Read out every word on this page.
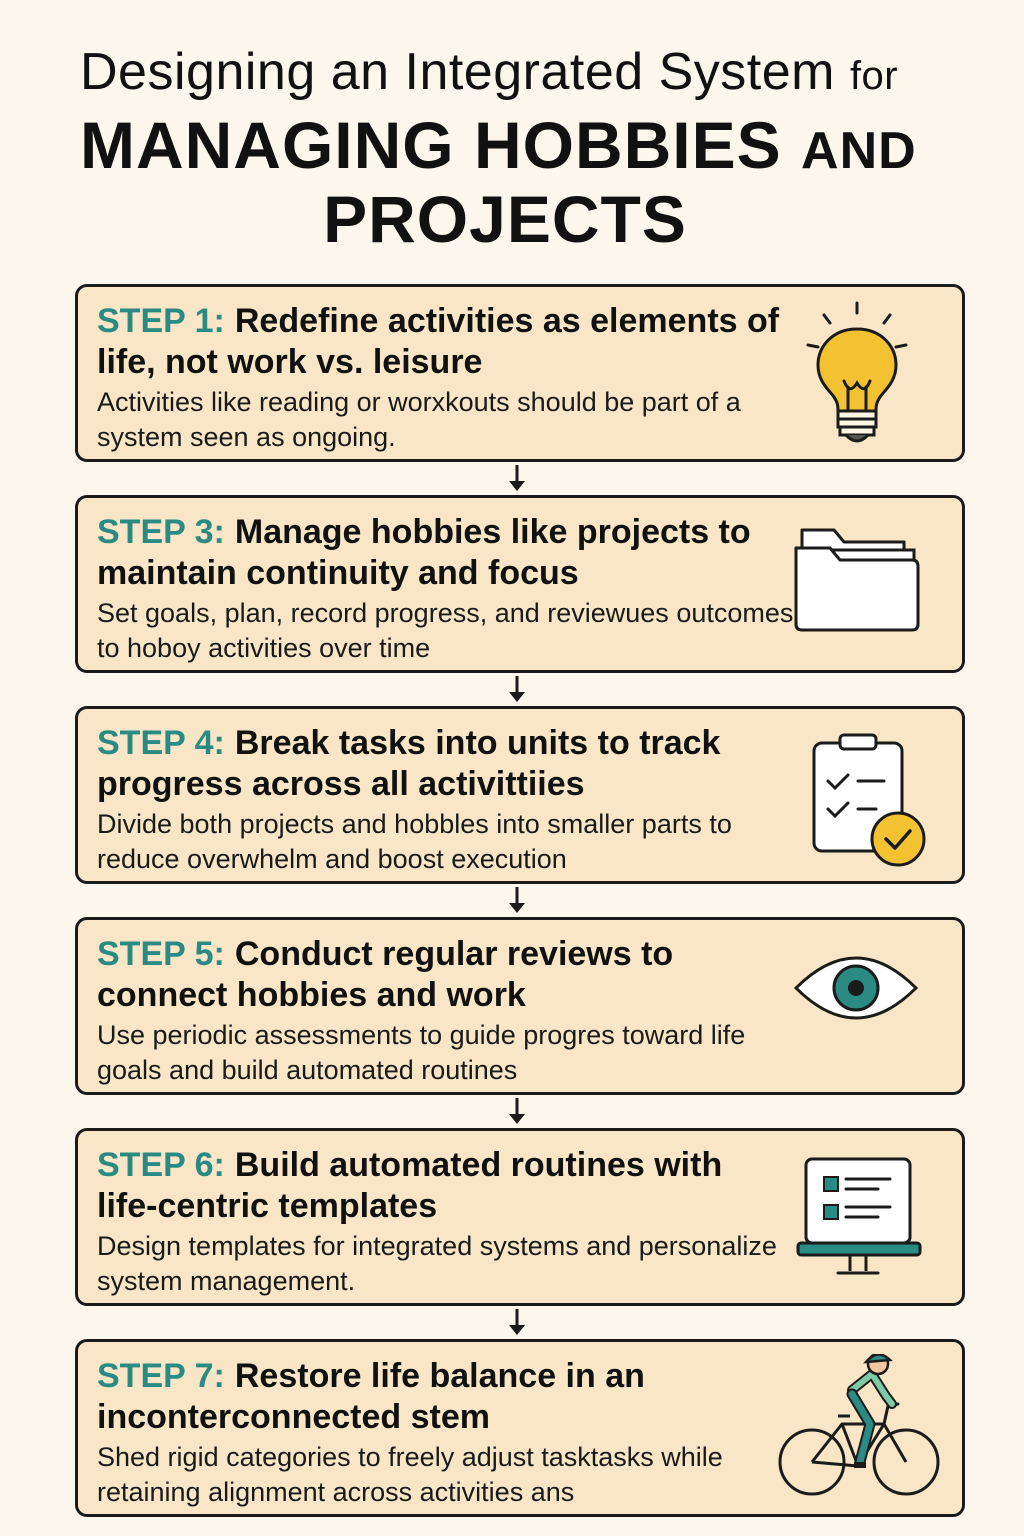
Designing an Integrated System for
MANAGING HOBBIES AND
PROJECTS
STEP 1: Redefine activities as elements of life, not work vs. leisure
Activities like reading or worxkouts should be part of a system seen as ongoing.
STEP 3: Manage hobbies like projects to maintain continuity and focus
Set goals, plan, record progress, and reviewues outcomes to hoboy activities over time
STEP 4: Break tasks into units to track progress across all activittiies
Divide both projects and hobbles into smaller parts to reduce overwhelm and boost execution
STEP 5: Conduct regular reviews to connect hobbies and work
Use periodic assessments to guide progres toward life goals and build automated routines
STEP 6: Build automated routines with life-centric templates
Design templates for integrated systems and personalize system management.
STEP 7: Restore life balance in an inconterconnected stem
Shed rigid categories to freely adjust tasktasks while retaining alignment across activities ans
